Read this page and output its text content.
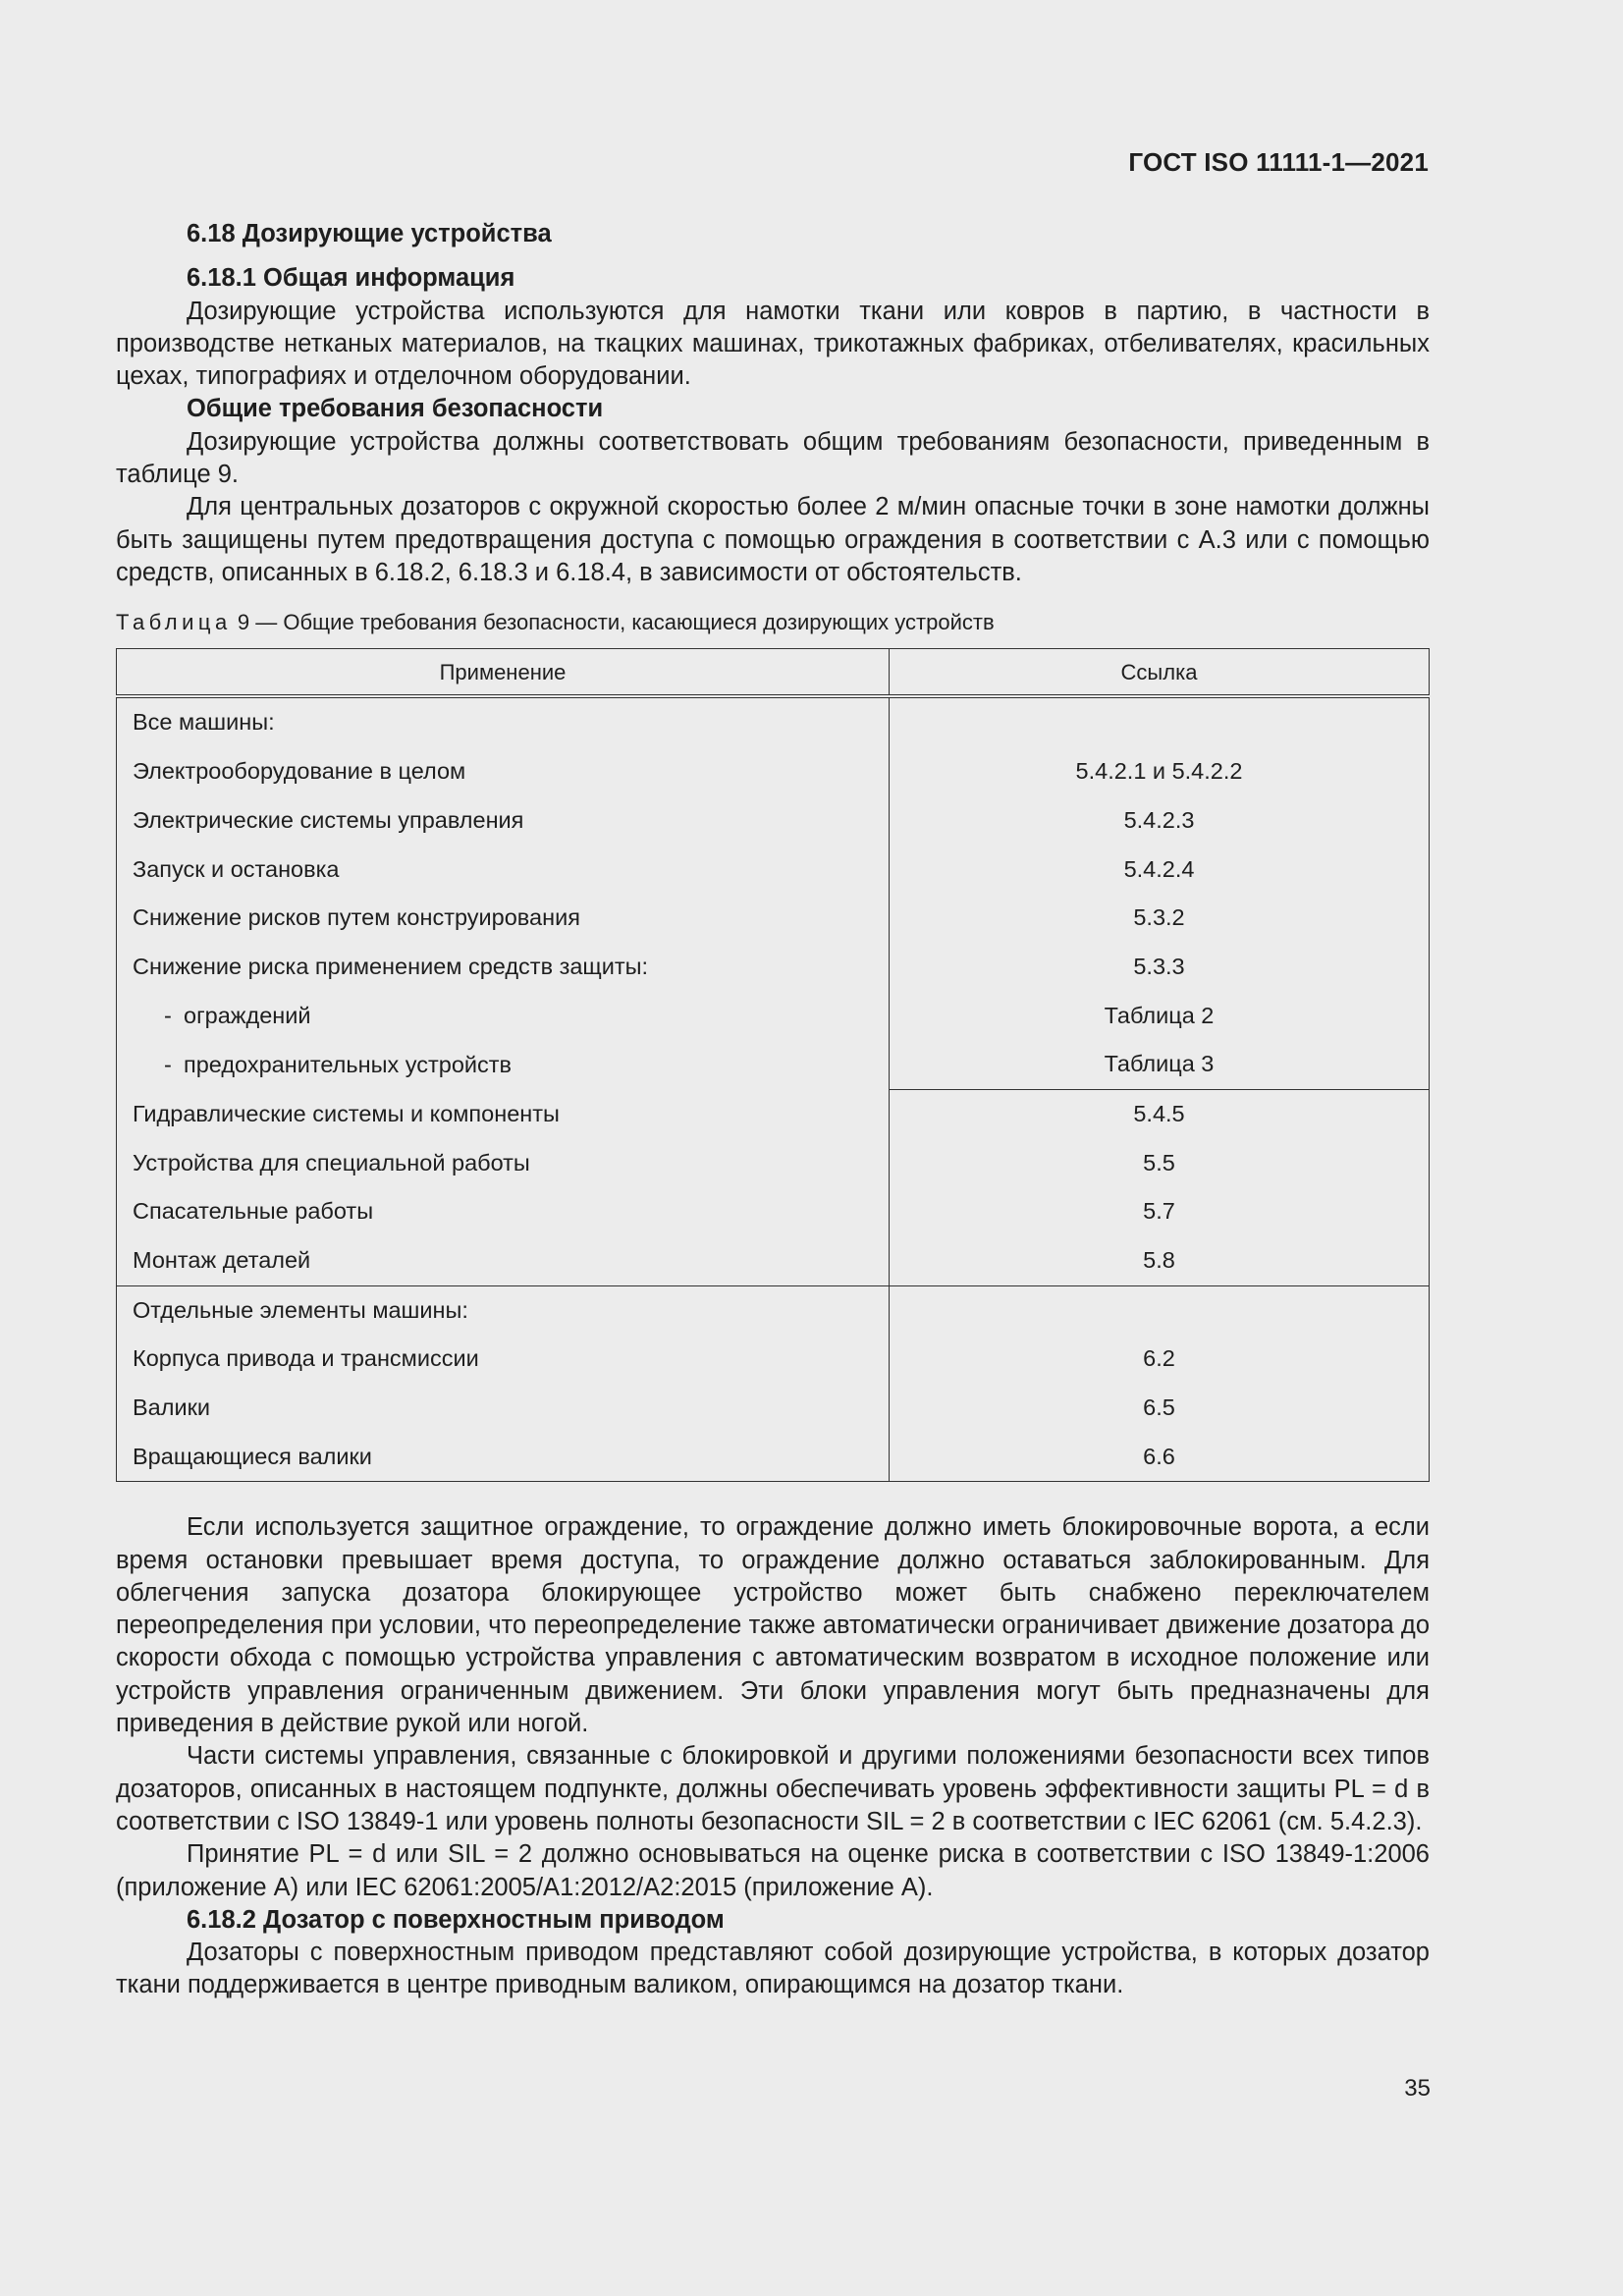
ГОСТ ISO 11111-1—2021

6.18 Дозирующие устройства

6.18.1 Общая информация

Дозирующие устройства используются для намотки ткани или ковров в партию, в частности в производстве нетканых материалов, на ткацких машинах, трикотажных фабриках, отбеливателях, красильных цехах, типографиях и отделочном оборудовании.

Общие требования безопасности

Дозирующие устройства должны соответствовать общим требованиям безопасности, приведенным в таблице 9.

Для центральных дозаторов с окружной скоростью более 2 м/мин опасные точки в зоне намотки должны быть защищены путем предотвращения доступа с помощью ограждения в соответствии с А.3 или с помощью средств, описанных в 6.18.2, 6.18.3 и 6.18.4, в зависимости от обстоятельств.

Таблица 9 — Общие требования безопасности, касающиеся дозирующих устройств
Применение	Ссылка
Все машины:	
Электрооборудование в целом	5.4.2.1 и 5.4.2.2
Электрические системы управления	5.4.2.3
Запуск и остановка	5.4.2.4
Снижение рисков путем конструирования	5.3.2
Снижение риска применением средств защиты:	5.3.3
- ограждений	Таблица 2
- предохранительных устройств	Таблица 3
Гидравлические системы и компоненты	5.4.5
Устройства для специальной работы	5.5
Спасательные работы	5.7
Монтаж деталей	5.8
Отдельные элементы машины:	
Корпуса привода и трансмиссии	6.2
Валики	6.5
Вращающиеся валики	6.6

Если используется защитное ограждение, то ограждение должно иметь блокировочные ворота, а если время остановки превышает время доступа, то ограждение должно оставаться заблокированным. Для облегчения запуска дозатора блокирующее устройство может быть снабжено переключателем переопределения при условии, что переопределение также автоматически ограничивает движение дозатора до скорости обхода с помощью устройства управления с автоматическим возвратом в исходное положение или устройств управления ограниченным движением. Эти блоки управления могут быть предназначены для приведения в действие рукой или ногой.

Части системы управления, связанные с блокировкой и другими положениями безопасности всех типов дозаторов, описанных в настоящем подпункте, должны обеспечивать уровень эффективности защиты PL = d в соответствии с ISO 13849-1 или уровень полноты безопасности SIL = 2 в соответствии с IEC 62061 (см. 5.4.2.3).

Принятие PL = d или SIL = 2 должно основываться на оценке риска в соответствии с ISO 13849-1:2006 (приложение А) или IEC 62061:2005/A1:2012/A2:2015 (приложение А).

6.18.2 Дозатор с поверхностным приводом

Дозаторы с поверхностным приводом представляют собой дозирующие устройства, в которых дозатор ткани поддерживается в центре приводным валиком, опирающимся на дозатор ткани.

35
